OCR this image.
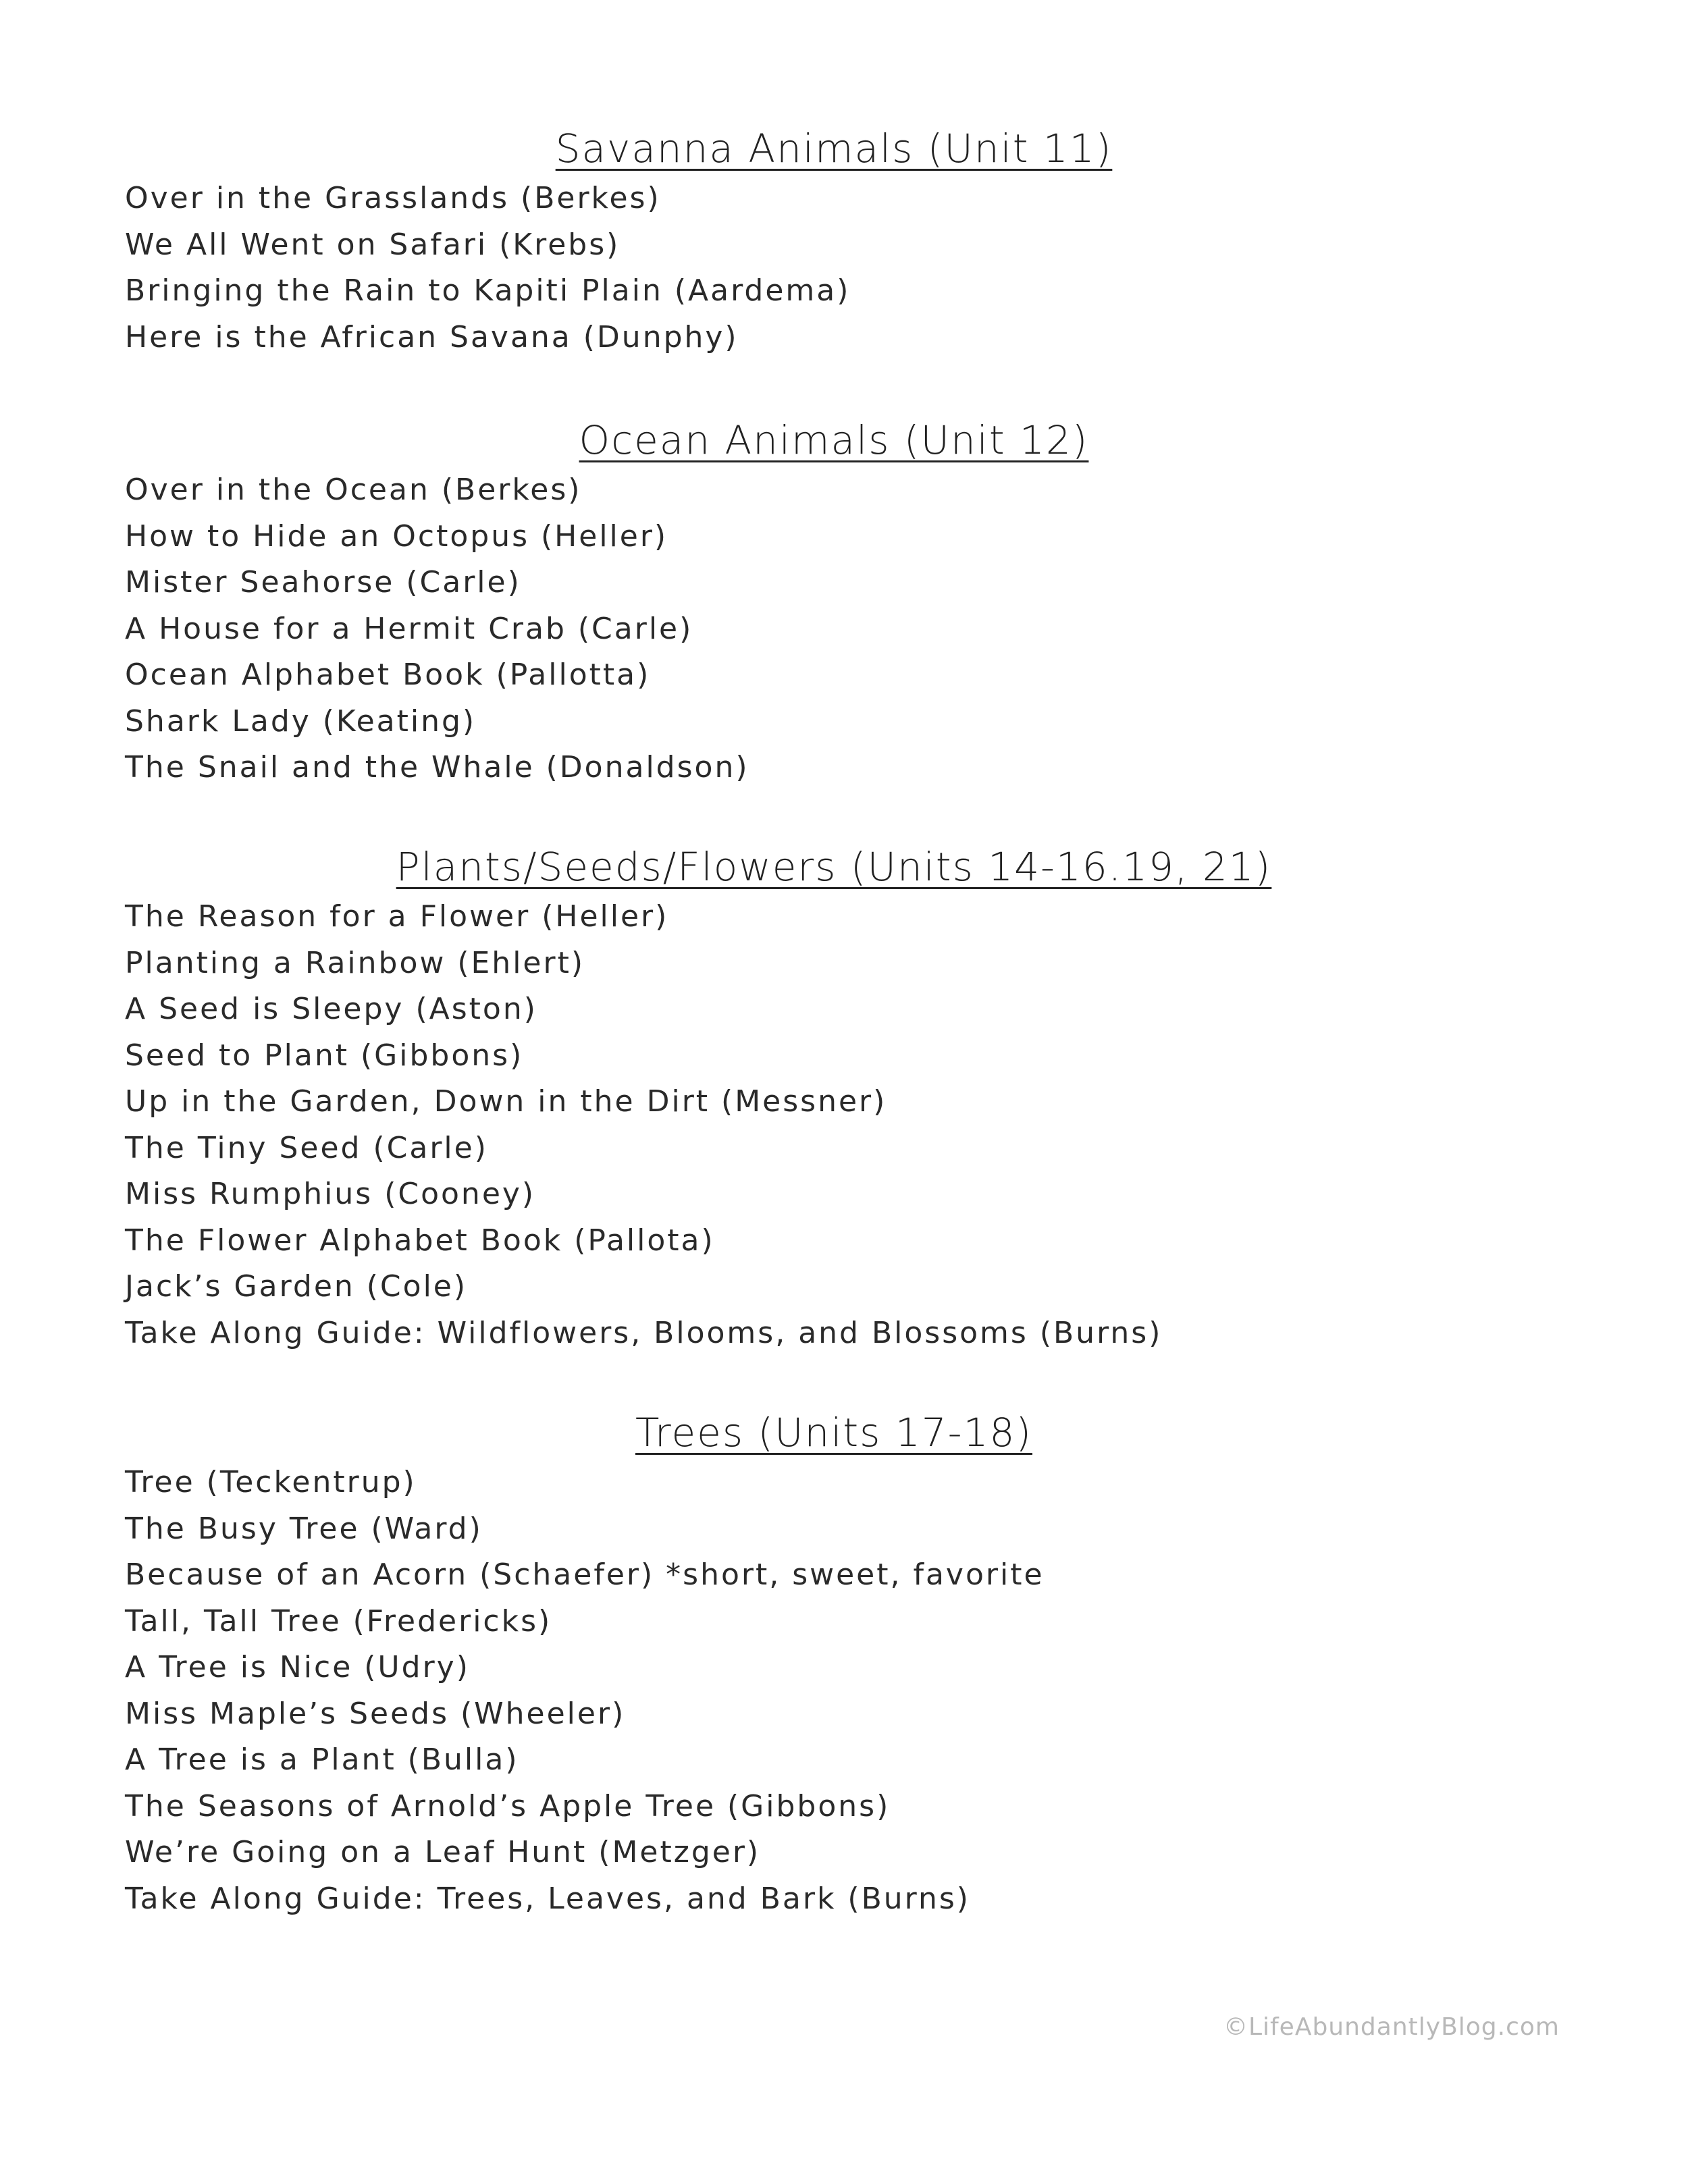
Savanna Animals (Unit 11)
Over in the Grasslands (Berkes)
We All Went on Safari (Krebs)
Bringing the Rain to Kapiti Plain (Aardema)
Here is the African Savana (Dunphy)
Ocean Animals (Unit 12)
Over in the Ocean (Berkes)
How to Hide an Octopus (Heller)
Mister Seahorse (Carle)
A House for a Hermit Crab (Carle)
Ocean Alphabet Book (Pallotta)
Shark Lady (Keating)
The Snail and the Whale (Donaldson)
Plants/Seeds/Flowers (Units 14-16.19, 21)
The Reason for a Flower (Heller)
Planting a Rainbow (Ehlert)
A Seed is Sleepy (Aston)
Seed to Plant (Gibbons)
Up in the Garden, Down in the Dirt (Messner)
The Tiny Seed (Carle)
Miss Rumphius (Cooney)
The Flower Alphabet Book (Pallota)
Jack’s Garden (Cole)
Take Along Guide: Wildflowers, Blooms, and Blossoms (Burns)
Trees (Units 17-18)
Tree (Teckentrup)
The Busy Tree (Ward)
Because of an Acorn (Schaefer) *short, sweet, favorite
Tall, Tall Tree (Fredericks)
A Tree is Nice (Udry)
Miss Maple’s Seeds (Wheeler)
A Tree is a Plant (Bulla)
The Seasons of Arnold’s Apple Tree (Gibbons)
We’re Going on a Leaf Hunt (Metzger)
Take Along Guide: Trees, Leaves, and Bark (Burns)
©LifeAbundantlyBlog.com
